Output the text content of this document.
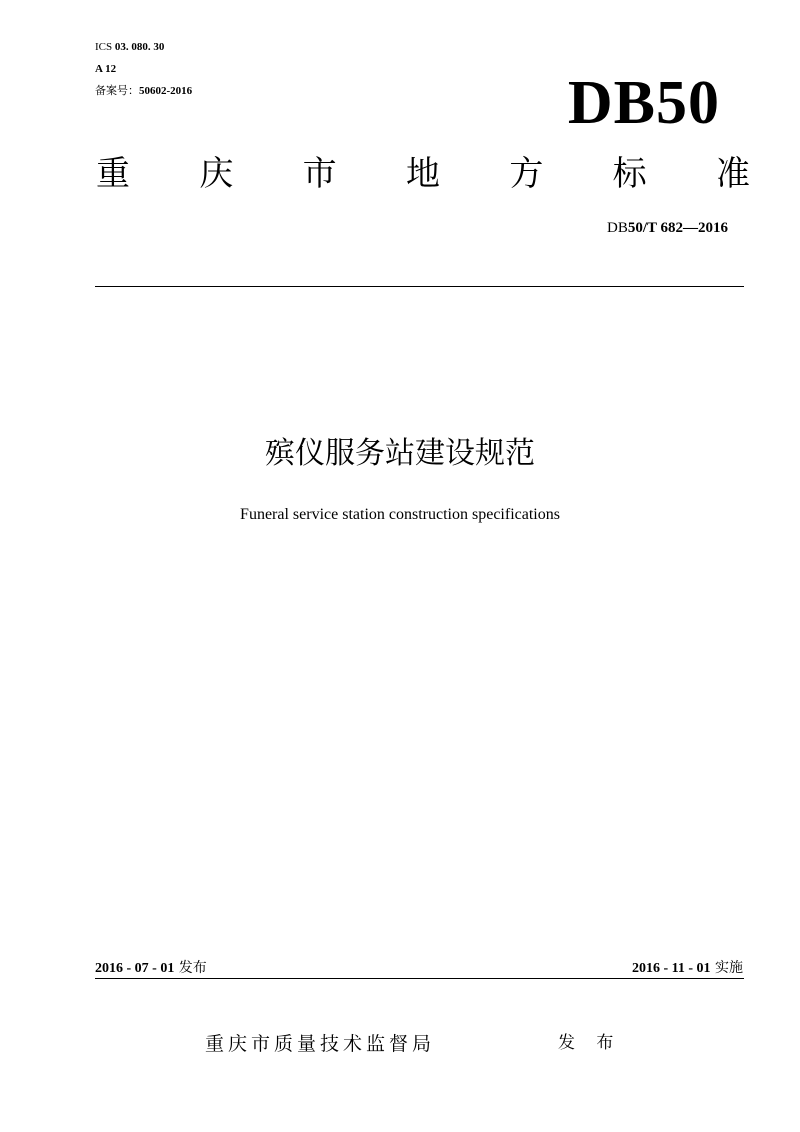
ICS 03. 080. 30
A 12
备案号：50602-2016	DB50
重 庆 市 地 方 标 准
DB50/T 682—2016
殡仪服务站建设规范
Funeral service station construction specifications
2016 - 07 - 01 发布	2016 - 11 - 01 实施
重庆市质量技术监督局	发 布
